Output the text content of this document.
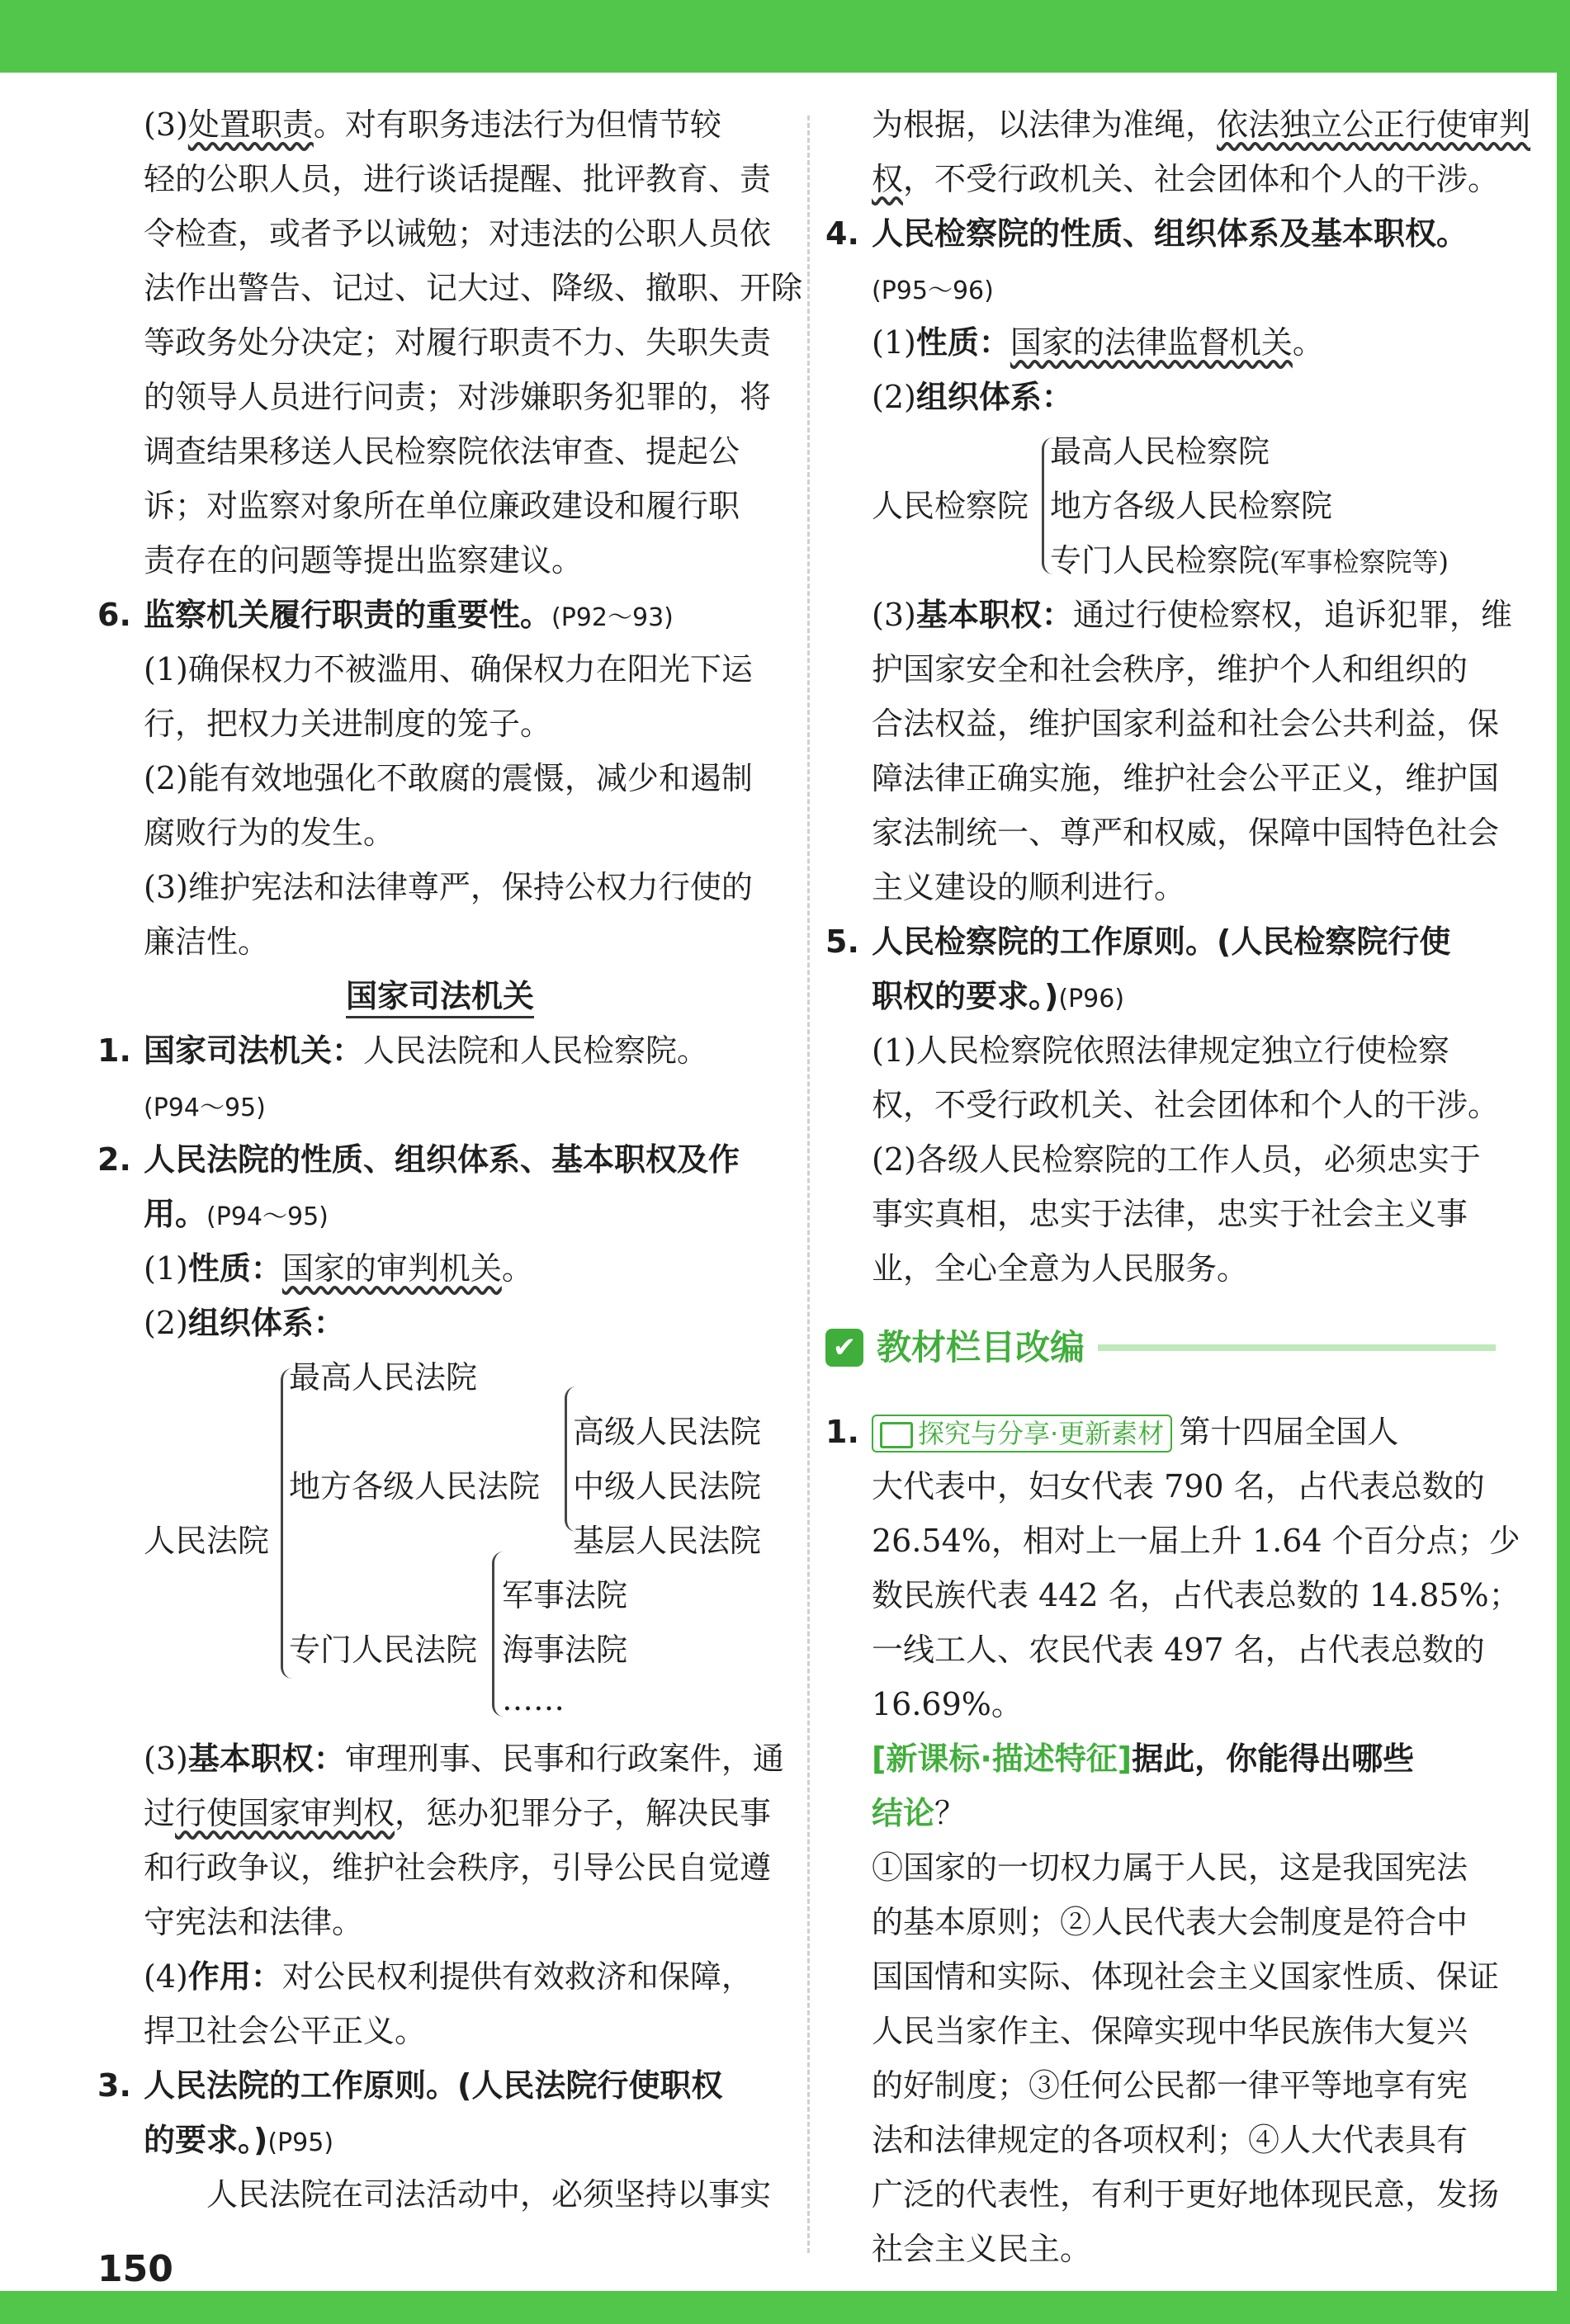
(3)处置职责。对有职务违法行为但情节较
轻的公职人员，进行谈话提醒、批评教育、责
令检查，或者予以诫勉；对违法的公职人员依
法作出警告、记过、记大过、降级、撤职、开除
等政务处分决定；对履行职责不力、失职失责
的领导人员进行问责；对涉嫌职务犯罪的，将
调查结果移送人民检察院依法审查、提起公
诉；对监察对象所在单位廉政建设和履行职
责存在的问题等提出监察建议。
6. 监察机关履行职责的重要性。(P92～93)
(1)确保权力不被滥用、确保权力在阳光下运
行，把权力关进制度的笼子。
(2)能有效地强化不敢腐的震慑，减少和遏制
腐败行为的发生。
(3)维护宪法和法律尊严，保持公权力行使的
廉洁性。
国家司法机关
1. 国家司法机关：人民法院和人民检察院。
(P94～95)
2. 人民法院的性质、组织体系、基本职权及作
用。(P94～95)
(1)性质：国家的审判机关。
(2)组织体系：
人民法院
最高人民法院
地方各级人民法院
高级人民法院
中级人民法院
基层人民法院
专门人民法院
军事法院
海事法院
……
(3)基本职权：审理刑事、民事和行政案件，通
过行使国家审判权，惩办犯罪分子，解决民事
和行政争议，维护社会秩序，引导公民自觉遵
守宪法和法律。
(4)作用：对公民权利提供有效救济和保障，
捍卫社会公平正义。
3. 人民法院的工作原则。(人民法院行使职权
的要求。)(P95)
人民法院在司法活动中，必须坚持以事实
为根据，以法律为准绳，依法独立公正行使审判
权，不受行政机关、社会团体和个人的干涉。
4. 人民检察院的性质、组织体系及基本职权。
(P95～96)
(1)性质：国家的法律监督机关。
(2)组织体系：
人民检察院
最高人民检察院
地方各级人民检察院
专门人民检察院(军事检察院等)
(3)基本职权：通过行使检察权，追诉犯罪，维
护国家安全和社会秩序，维护个人和组织的
合法权益，维护国家利益和社会公共利益，保
障法律正确实施，维护社会公平正义，维护国
家法制统一、尊严和权威，保障中国特色社会
主义建设的顺利进行。
5. 人民检察院的工作原则。(人民检察院行使
职权的要求。)(P96)
(1)人民检察院依照法律规定独立行使检察
权，不受行政机关、社会团体和个人的干涉。
(2)各级人民检察院的工作人员，必须忠实于
事实真相，忠实于法律，忠实于社会主义事
业，全心全意为人民服务。
✔ 教材栏目改编
1. 探究与分享·更新素材 第十四届全国人
大代表中，妇女代表 790 名，占代表总数的
26.54%，相对上一届上升 1.64 个百分点；少
数民族代表 442 名，占代表总数的 14.85%；
一线工人、农民代表 497 名，占代表总数的
16.69%。
[新课标·描述特征]据此，你能得出哪些
结论？
①国家的一切权力属于人民，这是我国宪法
的基本原则；②人民代表大会制度是符合中
国国情和实际、体现社会主义国家性质、保证
人民当家作主、保障实现中华民族伟大复兴
的好制度；③任何公民都一律平等地享有宪
法和法律规定的各项权利；④人大代表具有
广泛的代表性，有利于更好地体现民意，发扬
社会主义民主。
150
